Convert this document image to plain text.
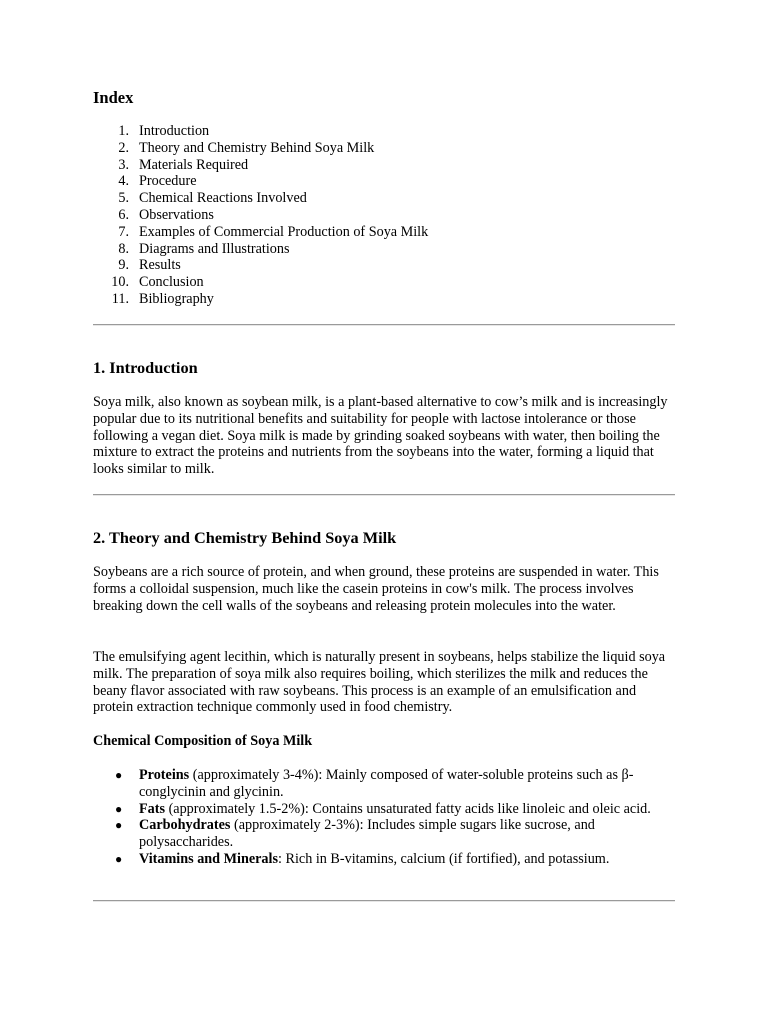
Index
1. Introduction
2. Theory and Chemistry Behind Soya Milk
3. Materials Required
4. Procedure
5. Chemical Reactions Involved
6. Observations
7. Examples of Commercial Production of Soya Milk
8. Diagrams and Illustrations
9. Results
10. Conclusion
11. Bibliography
1. Introduction

Soya milk, also known as soybean milk, is a plant-based alternative to cow’s milk and is increasingly popular due to its nutritional benefits and suitability for people with lactose intolerance or those following a vegan diet. Soya milk is made by grinding soaked soybeans with water, then boiling the mixture to extract the proteins and nutrients from the soybeans into the water, forming a liquid that looks similar to milk.

2. Theory and Chemistry Behind Soya Milk

Soybeans are a rich source of protein, and when ground, these proteins are suspended in water. This forms a colloidal suspension, much like the casein proteins in cow's milk. The process involves breaking down the cell walls of the soybeans and releasing protein molecules into the water.

The emulsifying agent lecithin, which is naturally present in soybeans, helps stabilize the liquid soya milk. The preparation of soya milk also requires boiling, which sterilizes the milk and reduces the beany flavor associated with raw soybeans. This process is an example of an emulsification and protein extraction technique commonly used in food chemistry.

Chemical Composition of Soya Milk
● Proteins (approximately 3-4%): Mainly composed of water-soluble proteins such as β-conglycinin and glycinin.
● Fats (approximately 1.5-2%): Contains unsaturated fatty acids like linoleic and oleic acid.
● Carbohydrates (approximately 2-3%): Includes simple sugars like sucrose, and polysaccharides.
● Vitamins and Minerals: Rich in B-vitamins, calcium (if fortified), and potassium.
